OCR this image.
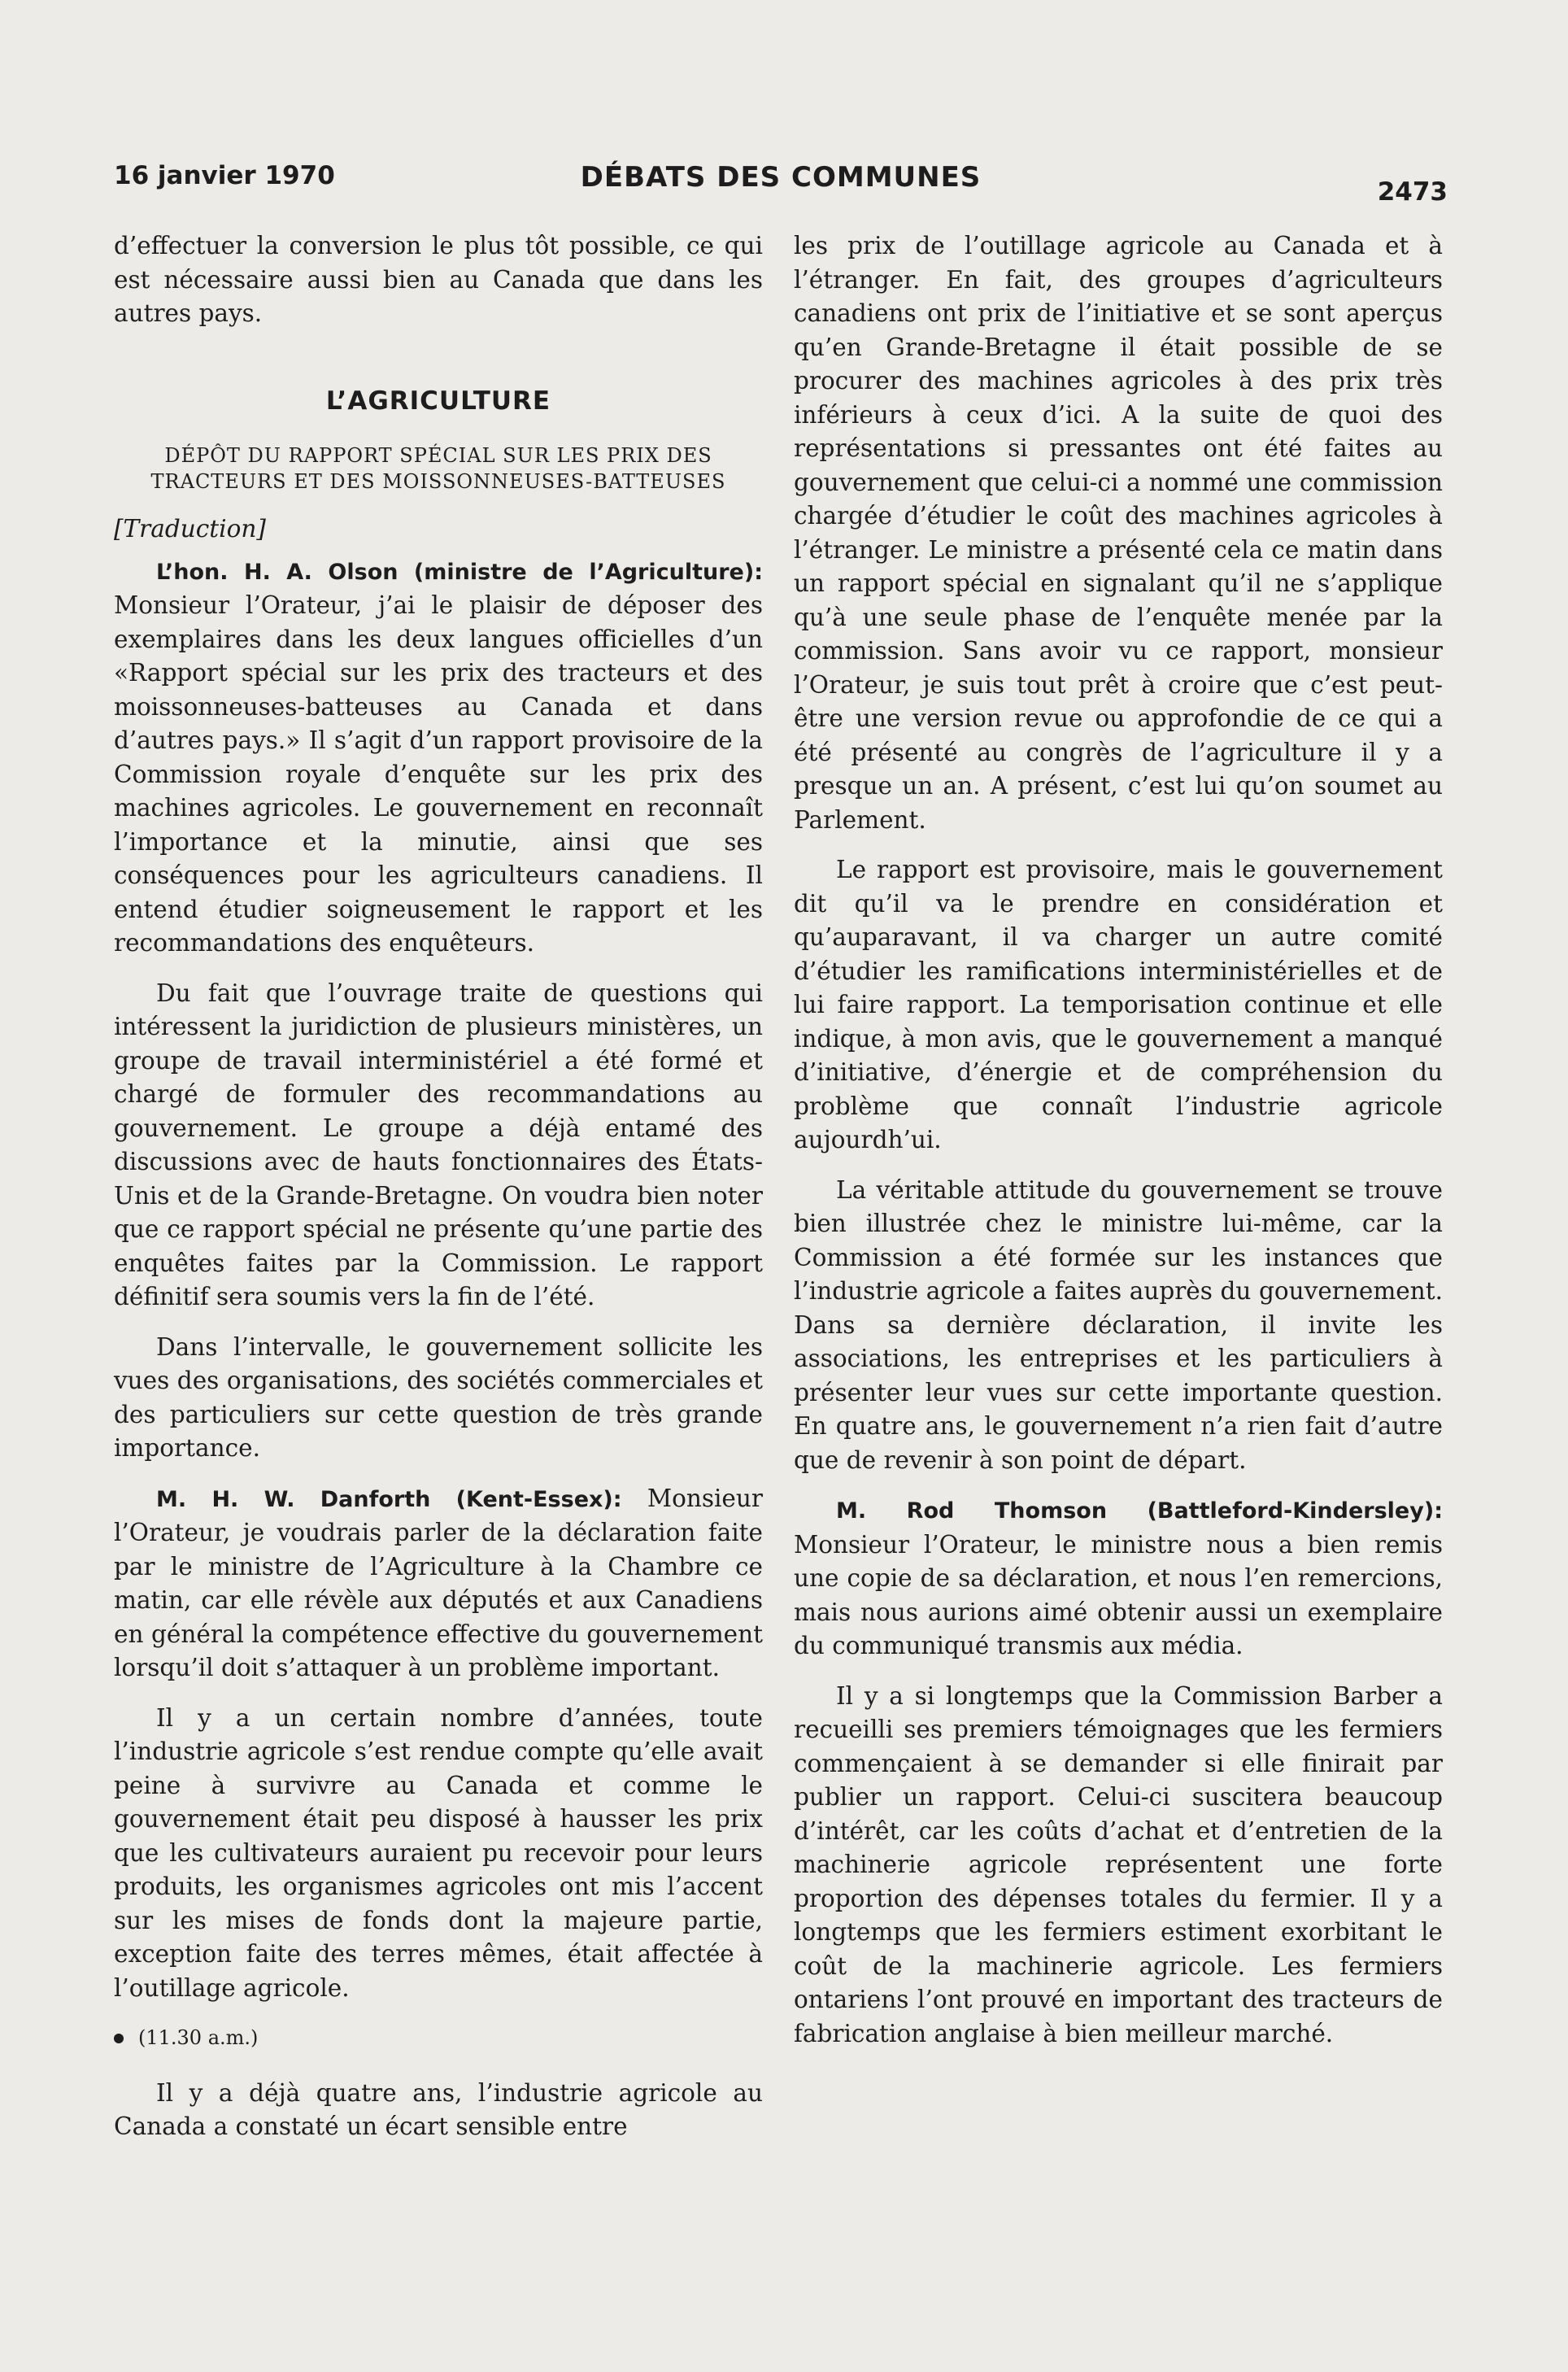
16 janvier 1970	DÉBATS DES COMMUNES	2473

d’effectuer la conversion le plus tôt possible, ce qui est nécessaire aussi bien au Canada que dans les autres pays.

L’AGRICULTURE
DÉPÔT DU RAPPORT SPÉCIAL SUR LES PRIX DES TRACTEURS ET DES MOISSONNEUSES-BATTEUSES
[Traduction]

L’hon. H. A. Olson (ministre de l’Agriculture): Monsieur l’Orateur, j’ai le plaisir de déposer des exemplaires dans les deux langues officielles d’un «Rapport spécial sur les prix des tracteurs et des moissonneuses-batteuses au Canada et dans d’autres pays.» Il s’agit d’un rapport provisoire de la Commission royale d’enquête sur les prix des machines agricoles. Le gouvernement en reconnaît l’importance et la minutie, ainsi que ses conséquences pour les agriculteurs canadiens. Il entend étudier soigneusement le rapport et les recommandations des enquêteurs.

Du fait que l’ouvrage traite de questions qui intéressent la juridiction de plusieurs ministères, un groupe de travail interministériel a été formé et chargé de formuler des recommandations au gouvernement. Le groupe a déjà entamé des discussions avec de hauts fonctionnaires des États-Unis et de la Grande-Bretagne. On voudra bien noter que ce rapport spécial ne présente qu’une partie des enquêtes faites par la Commission. Le rapport définitif sera soumis vers la fin de l’été.

Dans l’intervalle, le gouvernement sollicite les vues des organisations, des sociétés commerciales et des particuliers sur cette question de très grande importance.

M. H. W. Danforth (Kent-Essex): Monsieur l’Orateur, je voudrais parler de la déclaration faite par le ministre de l’Agriculture à la Chambre ce matin, car elle révèle aux députés et aux Canadiens en général la compétence effective du gouvernement lorsqu’il doit s’attaquer à un problème important.

Il y a un certain nombre d’années, toute l’industrie agricole s’est rendue compte qu’elle avait peine à survivre au Canada et comme le gouvernement était peu disposé à hausser les prix que les cultivateurs auraient pu recevoir pour leurs produits, les organismes agricoles ont mis l’accent sur les mises de fonds dont la majeure partie, exception faite des terres mêmes, était affectée à l’outillage agricole.

(11.30 a.m.)

Il y a déjà quatre ans, l’industrie agricole au Canada a constaté un écart sensible entre

les prix de l’outillage agricole au Canada et à l’étranger. En fait, des groupes d’agriculteurs canadiens ont prix de l’initiative et se sont aperçus qu’en Grande-Bretagne il était possible de se procurer des machines agricoles à des prix très inférieurs à ceux d’ici. A la suite de quoi des représentations si pressantes ont été faites au gouvernement que celui-ci a nommé une commission chargée d’étudier le coût des machines agricoles à l’étranger. Le ministre a présenté cela ce matin dans un rapport spécial en signalant qu’il ne s’applique qu’à une seule phase de l’enquête menée par la commission. Sans avoir vu ce rapport, monsieur l’Orateur, je suis tout prêt à croire que c’est peut-être une version revue ou approfondie de ce qui a été présenté au congrès de l’agriculture il y a presque un an. A présent, c’est lui qu’on soumet au Parlement.

Le rapport est provisoire, mais le gouvernement dit qu’il va le prendre en considération et qu’auparavant, il va charger un autre comité d’étudier les ramifications interministérielles et de lui faire rapport. La temporisation continue et elle indique, à mon avis, que le gouvernement a manqué d’initiative, d’énergie et de compréhension du problème que connaît l’industrie agricole aujourdh’ui.

La véritable attitude du gouvernement se trouve bien illustrée chez le ministre lui-même, car la Commission a été formée sur les instances que l’industrie agricole a faites auprès du gouvernement. Dans sa dernière déclaration, il invite les associations, les entreprises et les particuliers à présenter leur vues sur cette importante question. En quatre ans, le gouvernement n’a rien fait d’autre que de revenir à son point de départ.

M. Rod Thomson (Battleford-Kindersley): Monsieur l’Orateur, le ministre nous a bien remis une copie de sa déclaration, et nous l’en remercions, mais nous aurions aimé obtenir aussi un exemplaire du communiqué transmis aux média.

Il y a si longtemps que la Commission Barber a recueilli ses premiers témoignages que les fermiers commençaient à se demander si elle finirait par publier un rapport. Celui-ci suscitera beaucoup d’intérêt, car les coûts d’achat et d’entretien de la machinerie agricole représentent une forte proportion des dépenses totales du fermier. Il y a longtemps que les fermiers estiment exorbitant le coût de la machinerie agricole. Les fermiers ontariens l’ont prouvé en important des tracteurs de fabrication anglaise à bien meilleur marché.
